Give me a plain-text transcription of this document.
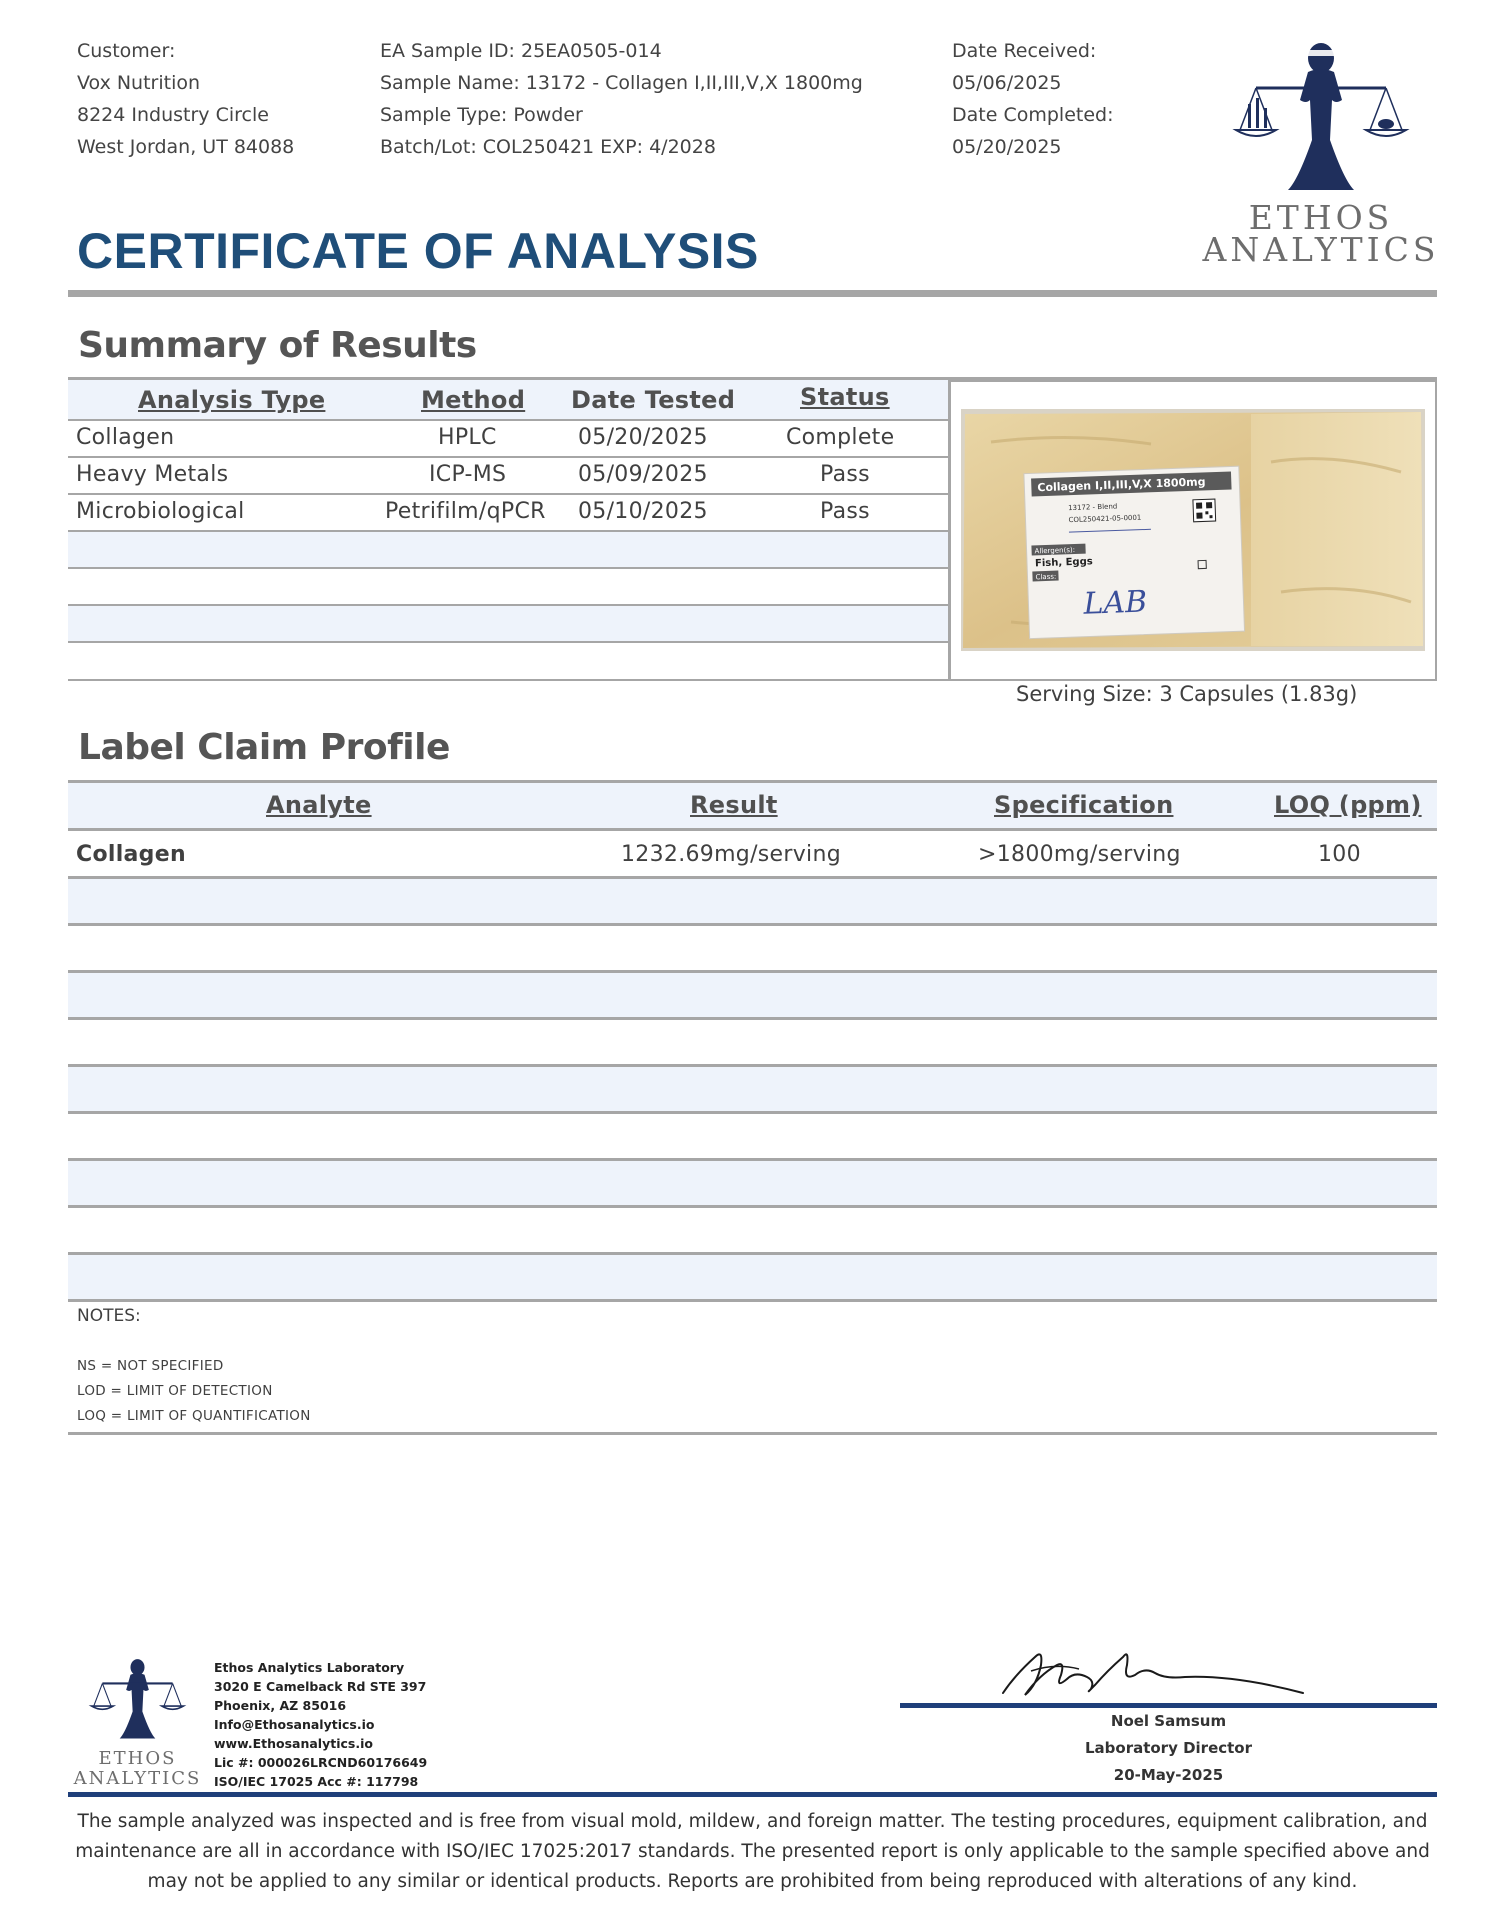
Customer:
Vox Nutrition
8224 Industry Circle
West Jordan, UT 84088
EA Sample ID: 25EA0505-014
Sample Name: 13172 - Collagen I,II,III,V,X 1800mg
Sample Type: Powder
Batch/Lot: COL250421 EXP: 4/2028
Date Received:
05/06/2025
Date Completed:
05/20/2025
ETHOS
ANALYTICS
CERTIFICATE OF ANALYSIS
Summary of Results
Analysis Type	Method Date Tested	Status
Collagen	HPLC	05/20/2025	Complete
Heavy Metals	ICP-MS	05/09/2025	Pass
Microbiological	Petrifilm/qPCR 05/10/2025	Pass
Collagen I,II,III,V,X 1800mg
13172 - Blend
COL250421-05-0001
Allergen(s):
Fish, Eggs
Class:
LAB
Serving Size: 3 Capsules (1.83g)
Label Claim Profile
Analyte	Result	Specification	LOQ (ppm)
Collagen	1232.69mg/serving	>1800mg/serving	100
NOTES:
NS = NOT SPECIFIED
LOD = LIMIT OF DETECTION
LOQ = LIMIT OF QUANTIFICATION
ETHOS
ANALYTICS
Ethos Analytics Laboratory
3020 E Camelback Rd STE 397
Phoenix, AZ 85016
Info@Ethosanalytics.io
www.Ethosanalytics.io
Lic #: 000026LRCND60176649
ISO/IEC 17025 Acc #: 117798
Noel Samsum
Laboratory Director
20-May-2025
The sample analyzed was inspected and is free from visual mold, mildew, and foreign matter. The testing procedures, equipment calibration, and maintenance are all in accordance with ISO/IEC 17025:2017 standards. The presented report is only applicable to the sample specified above and may not be applied to any similar or identical products. Reports are prohibited from being reproduced with alterations of any kind.
